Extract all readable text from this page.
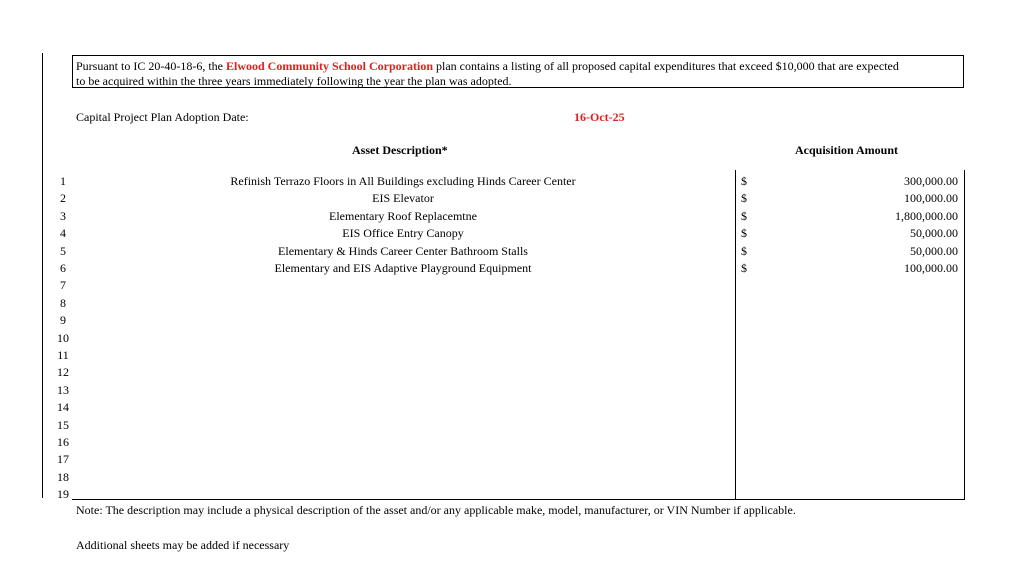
Pursuant to IC 20-40-18-6, the Elwood Community School Corporation plan contains a listing of all proposed capital expenditures that exceed $10,000 that are expected
to be acquired within the three years immediately following the year the plan was adopted.
Capital Project Plan Adoption Date:	16-Oct-25
Asset Description*	Acquisition Amount
1	Refinish Terrazo Floors in All Buildings excluding Hinds Career Center	$	300,000.00
2	EIS Elevator	$	100,000.00
3	Elementary Roof Replacemtne	$	1,800,000.00
4	EIS Office Entry Canopy	$	50,000.00
5	Elementary & Hinds Career Center Bathroom Stalls	$	50,000.00
6	Elementary and EIS Adaptive Playground Equipment	$	100,000.00
7
8
9
10
11
12
13
14
15
16
17
18
19
Note: The description may include a physical description of the asset and/or any applicable make, model, manufacturer, or VIN Number if applicable.
Additional sheets may be added if necessary
